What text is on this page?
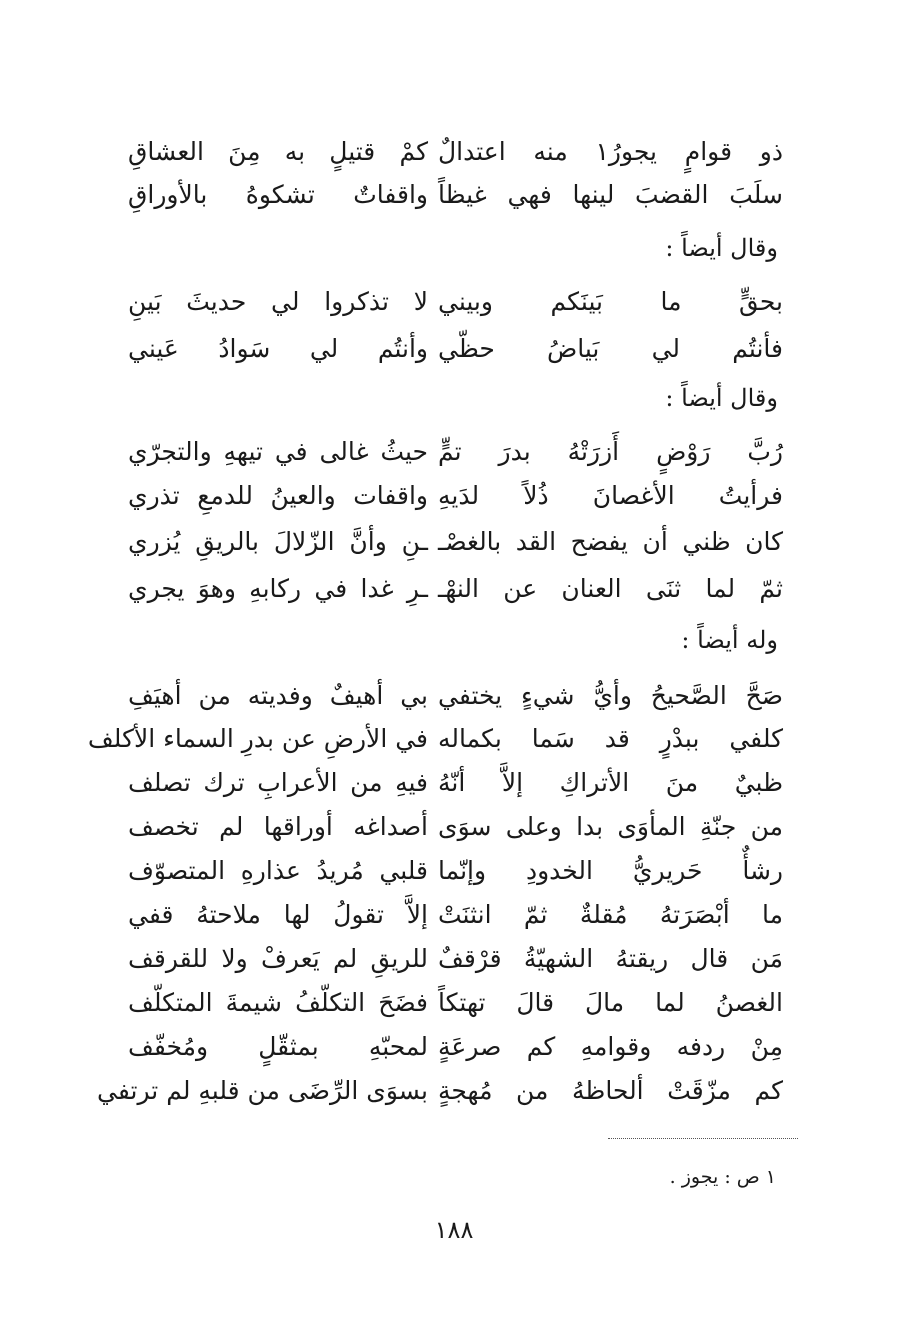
ذو قوامٍ يجورُ١ منه اعتدالٌ
كمْ قتيلٍ به مِنَ العشاقِ
سلَبَ القضبَ لينها فهي غيظاً
واقفاتٌ تشكوهُ بالأوراقِ
وقال أيضاً :
بحقٍّ ما بَينَكم وبيني
لا تذكروا لي حديثَ بَينِ
فأنتُم لي بَياضُ حظّي
وأنتُم لي سَوادُ عَيني
وقال أيضاً :
رُبَّ رَوْضٍ أَزرَتْهُ بدرَ تمٍّ
حيثُ غالى في تيههِ والتجرّي
فرأيتُ الأغصانَ ذُلاً لدَيهِ
واقفات والعينُ للدمعِ تذري
كان ظني أن يفضح القد بالغصْـ
ـنِ وأنَّ الزّلالَ بالريقِ يُزري
ثمّ لما ثنَى العنان عن النهْـ
ـرِ غدا في ركابهِ وهوَ يجري
وله أيضاً :
صَحَّ الصَّحيحُ وأيُّ شيءٍ يختفي
بي أهيفٌ وفديته من أهيَفِ
كلفي ببدْرٍ قد سَما بكماله
في الأرضِ عن بدرِ السماء الأكلف
ظبيٌ منَ الأتراكِ إلاَّ أنّهُ
فيهِ من الأعرابِ ترك تصلف
من جنّةِ المأوَى بدا وعلى سوَى
أصداغه أوراقها لم تخصف
رشأٌ حَريريُّ الخدودِ وإنّما
قلبي مُريدُ عذارهِ المتصوّف
ما أبْصَرَتهُ مُقلةٌ ثمّ انثنَتْ
إلاَّ تقولُ لها ملاحتهُ قفي
مَن قال ريقتهُ الشهيّةُ قرْقفٌ
للريقِ لم يَعرفْ ولا للقرقف
الغصنُ لما مالَ قالَ تهتكاً
فضَحَ التكلّفُ شيمةَ المتكلّف
مِنْ ردفه وقوامهِ كم صرعَةٍ
لمحبّهِ بمثقّلٍ ومُخفّف
كم مزّقَتْ ألحاظهُ من مُهجةٍ
بسوَى الرِّضَى من قلبهِ لم ترتفي
١ ص : يجوز .
١٨٨
